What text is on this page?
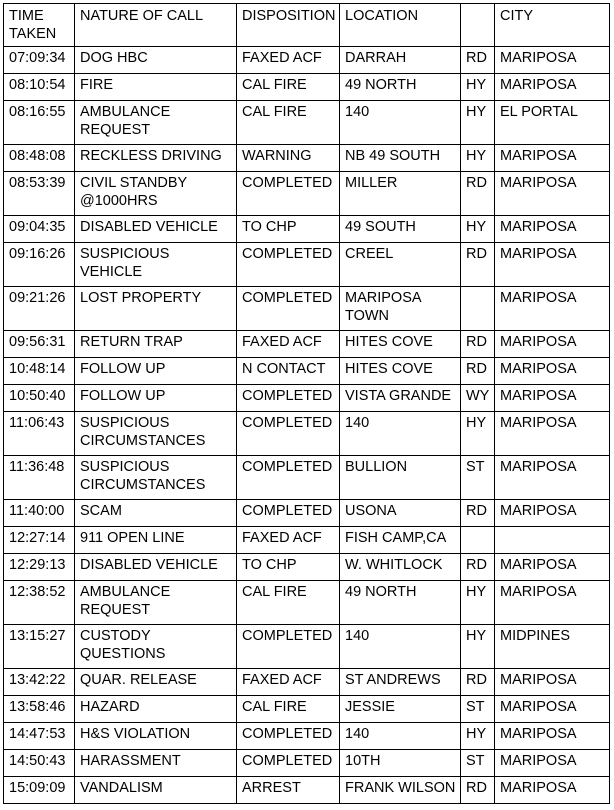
TIME
TAKEN	NATURE OF CALL	DISPOSITION	LOCATION		CITY
07:09:34	DOG HBC	FAXED ACF	DARRAH	RD	MARIPOSA
08:10:54	FIRE	CAL FIRE	49 NORTH	HY	MARIPOSA
08:16:55	AMBULANCE
REQUEST	CAL FIRE	140	HY	EL PORTAL
08:48:08	RECKLESS DRIVING	WARNING	NB 49 SOUTH	HY	MARIPOSA
08:53:39	CIVIL STANDBY
@1000HRS	COMPLETED	MILLER	RD	MARIPOSA
09:04:35	DISABLED VEHICLE	TO CHP	49 SOUTH	HY	MARIPOSA
09:16:26	SUSPICIOUS
VEHICLE	COMPLETED	CREEL	RD	MARIPOSA
09:21:26	LOST PROPERTY	COMPLETED	MARIPOSA
TOWN		MARIPOSA
09:56:31	RETURN TRAP	FAXED ACF	HITES COVE	RD	MARIPOSA
10:48:14	FOLLOW UP	N CONTACT	HITES COVE	RD	MARIPOSA
10:50:40	FOLLOW UP	COMPLETED	VISTA GRANDE	WY	MARIPOSA
11:06:43	SUSPICIOUS
CIRCUMSTANCES	COMPLETED	140	HY	MARIPOSA
11:36:48	SUSPICIOUS
CIRCUMSTANCES	COMPLETED	BULLION	ST	MARIPOSA
11:40:00	SCAM	COMPLETED	USONA	RD	MARIPOSA
12:27:14	911 OPEN LINE	FAXED ACF	FISH CAMP,CA		
12:29:13	DISABLED VEHICLE	TO CHP	W. WHITLOCK	RD	MARIPOSA
12:38:52	AMBULANCE
REQUEST	CAL FIRE	49 NORTH	HY	MARIPOSA
13:15:27	CUSTODY
QUESTIONS	COMPLETED	140	HY	MIDPINES
13:42:22	QUAR. RELEASE	FAXED ACF	ST ANDREWS	RD	MARIPOSA
13:58:46	HAZARD	CAL FIRE	JESSIE	ST	MARIPOSA
14:47:53	H&S VIOLATION	COMPLETED	140	HY	MARIPOSA
14:50:43	HARASSMENT	COMPLETED	10TH	ST	MARIPOSA
15:09:09	VANDALISM	ARREST	FRANK WILSON	RD	MARIPOSA
